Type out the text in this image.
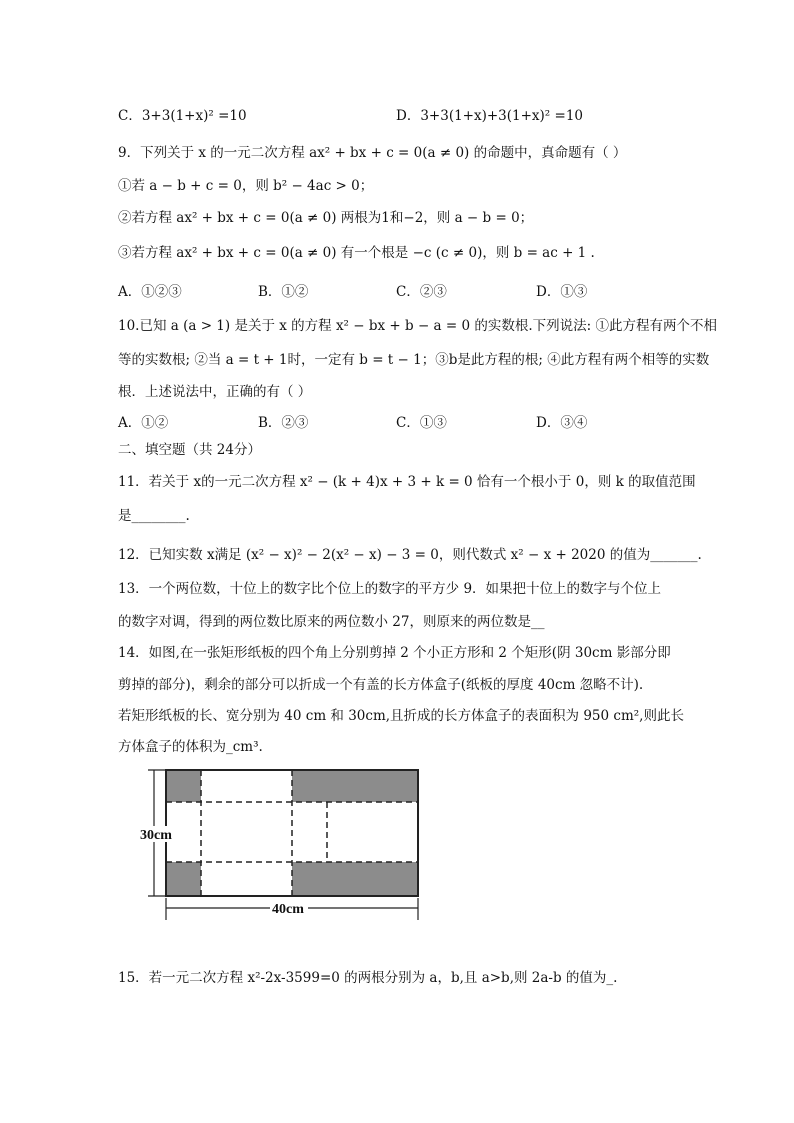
C．3+3(1+x)² =10	D．3+3(1+x)+3(1+x)² =10
9．下列关于 x 的一元二次方程 ax² + bx + c = 0(a ≠ 0) 的命题中，真命题有（ ）
①若 a − b + c = 0，则 b² − 4ac > 0；
②若方程 ax² + bx + c = 0(a ≠ 0) 两根为1和−2，则 a − b = 0；
③若方程 ax² + bx + c = 0(a ≠ 0) 有一个根是 −c (c ≠ 0)，则 b = ac + 1 .
A．①②③	B．①②	C．②③	D．①③
10.已知 a (a > 1) 是关于 x 的方程 x² − bx + b − a = 0 的实数根.下列说法: ①此方程有两个不相
等的实数根; ②当 a = t + 1时，一定有 b = t − 1；③b是此方程的根; ④此方程有两个相等的实数
根．上述说法中，正确的有（ ）
A．①②	B．②③	C．①③	D．③④
二、填空题（共 24分）
11．若关于 x的一元二次方程 x² − (k + 4)x + 3 + k = 0 恰有一个根小于 0，则 k 的取值范围
是________.
12．已知实数 x满足 (x² − x)² − 2(x² − x) − 3 = 0，则代数式 x² − x + 2020 的值为_______.
13．一个两位数，十位上的数字比个位上的数字的平方少 9．如果把十位上的数字与个位上
的数字对调，得到的两位数比原来的两位数小 27，则原来的两位数是__
14．如图,在一张矩形纸板的四个角上分别剪掉 2 个小正方形和 2 个矩形(阴 30cm 影部分即
剪掉的部分)，剩余的部分可以折成一个有盖的长方体盒子(纸板的厚度 40cm 忽略不计).
若矩形纸板的长、宽分别为 40 cm 和 30cm,且折成的长方体盒子的表面积为 950 cm²,则此长
方体盒子的体积为_cm³.
30cm
40cm
15．若一元二次方程 x²-2x-3599=0 的两根分别为 a，b,且 a>b,则 2a-b 的值为_.
